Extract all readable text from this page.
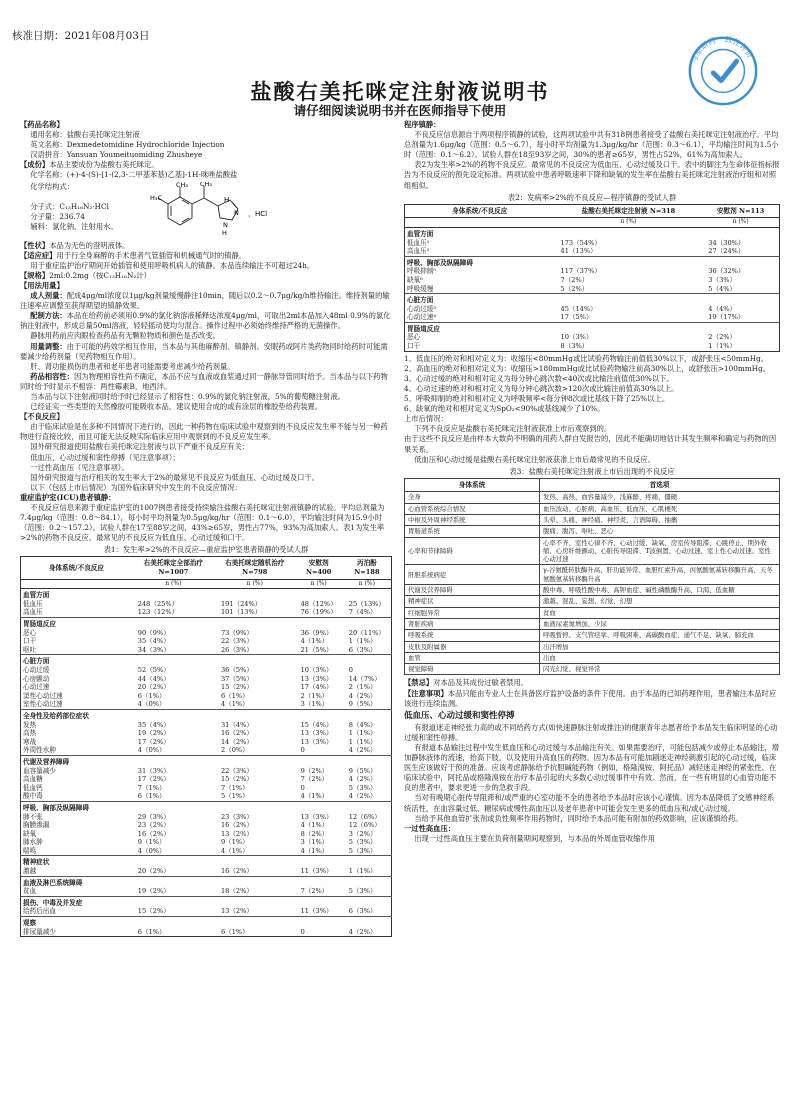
核准日期：2021年08月03日
盐酸右美托咪定注射液说明书
请仔细阅读说明书并在医师指导下使用
与原研药一致性评价

【药品名称】

通用名称：盐酸右美托咪定注射液

英文名称：Dexmedetomidine Hydrochloride Injection

汉语拼音：Yansuan Youmeituomiding Zhusheye

【成份】本品主要成份为盐酸右美托咪定。

化学名称：(+)-4-(S)-[1-(2,3-二甲基苯基)乙基]-1H-咪唑盐酸盐

化学结构式：
分子式：C₁₃H₁₆N₂·HCl
分子量：236.74
辅料：氯化钠、注射用水。
H
H₃C
CH₃ CH₃
N
N
H
，HCl

【性状】本品为无色的澄明液体。

【适应症】用于行全身麻醉的手术患者气管插管和机械通气时的镇静。

用于重症监护治疗期间开始插管和使用呼吸机病人的镇静。本品连续输注不可超过24h。

【规格】2ml:0.2mg（按C₁₃H₁₆N₂计）

【用法用量】

成人剂量：配成4μg/ml浓度以1μg/kg剂量缓慢静注10min，随后以0.2～0.7μg/kg/h维持输注。维持剂量的输注速率应调整至获得期望的镇静效果。

配制方法：本品在给药前必须用0.9%的氯化钠溶液稀释达浓度4μg/ml，可取出2ml本品加入48ml 0.9%的氯化钠注射液中，形成总量50ml溶液，轻轻摇动使均匀混合。操作过程中必须始终维持严格的无菌操作。

静脉用药前应肉眼检查药品有无颗粒物质和颜色是否改变。

用量调整：由于可能的药效学相互作用，当本品与其他麻醉剂、镇静剂、安眠药或阿片类药物同时给药时可能需要减少给药剂量（见药物相互作用）。

肝、肾功能损伤的患者和老年患者可能需要考虑减少给药剂量。

药品相容性：因为物理相容性尚不确定，本品不应与血液或血浆通过同一静脉导管同时给予。当本品与以下药物同时给予时显示不相容：两性霉素B，地西泮。

当本品与以下注射液同时给予时已经显示了相容性：0.9%的氯化钠注射液，5%的葡萄糖注射液。

已经证实一些类型的天然橡胶可能吸收本品，建议使用合成的或有涂层的橡胶垫给药装置。

【不良反应】

由于临床试验是在多种不同情况下进行的，因此一种药物在临床试验中观察到的不良反应发生率不能与另一种药物进行直接比较，而且可能无法反映实际临床应用中观察到的不良反应发生率。

国外研究报道使用盐酸右美托咪定注射液与以下严重不良反应有关：

低血压、心动过缓和窦性停搏（见注意事项）；

一过性高血压（见注意事项）。

国外研究报道与治疗相关的发生率大于2%的最常见不良反应为低血压、心动过缓及口干。

以下（包括上市后情况）为国外临床研究中发生的不良反应情况：

重症监护室(ICU)患者镇静：

不良反应信息来源于重症监护室的1007例患者接受持续输注盐酸右美托咪定注射液镇静的试验。平均总剂量为7.4μg/kg（范围：0.8～84.1），每小时平均剂量为0.5μg/kg/hr（范围：0.1～6.0），平均输注时间为15.9小时（范围：0.2～157.2）。试验人群在17至88岁之间，43%≥65岁，男性占77%，93%为高加索人。表1为发生率>2%的药物不良反应。最常见的不良反应为低血压、心动过缓和口干。

表1：发生率>2%的不良反应—重症监护室患者镇静的受试人群

身体系统/不良反应	右美托咪定全部治疗 N=1007	右美托咪定随机治疗 N=798	安慰剂 N=400	丙泊酚 N=188
	n (%)	n (%)	n (%)	n (%)
血管方面				
低血压	248（25%）	191（24%）	48（12%）	25（13%）
高血压	123（12%）	101（13%）	76（19%）	7（4%）
胃肠道反应				
恶心	90（9%）	73（9%）	36（9%）	20（11%）
口干	35（4%）	22（3%）	4（1%）	1（1%）
呕吐	34（3%）	26（3%）	21（5%）	6（3%）
心脏方面				
心动过缓	52（5%）	36（5%）	10（3%）	0
心房颤动	44（4%）	37（5%）	13（3%）	14（7%）
心动过速	20（2%）	15（2%）	17（4%）	2（1%）
窦性心动过速	6（1%）	6（1%）	2（1%）	4（2%）
室性心动过速	4（0%）	4（1%）	3（1%）	9（5%）
全身性及给药部位症状				
发热	35（4%）	31（4%）	15（4%）	8（4%）
高热	19（2%）	16（2%）	13（3%）	1（1%）
寒战	17（2%）	14（2%）	13（3%）	1（1%）
外周性水肿	4（0%）	2（0%）	0	4（2%）
代谢及营养障碍				
血容量减少	31（3%）	22（3%）	9（2%）	9（5%）
高血糖	17（2%）	15（2%）	7（2%）	4（2%）
低血钙	7（1%）	7（1%）	0	5（3%）
酸中毒	6（1%）	5（1%）	4（1%）	4（2%）
呼吸、胸部及纵隔障碍				
肺不张	29（3%）	23（3%）	13（3%）	12（6%）
胸膜渗漏	23（2%）	16（2%）	4（1%）	12（6%）
缺氧	16（2%）	13（2%）	8（2%）	3（2%）
肺水肿	9（1%）	9（1%）	3（1%）	5（3%）
喘鸣	4（0%）	4（1%）	4（1%）	5（3%）
精神症状				
激越	20（2%）	16（2%）	11（3%）	1（1%）
血液及淋巴系统障碍				
贫血	19（2%）	18（2%）	7（2%）	5（3%）
损伤、中毒及并发症				
给药后出血	15（2%）	13（2%）	11（3%）	6（3%）
观察				
排尿量减少	6（1%）	6（1%）	0	4（2%）

程序镇静：

不良反应信息源自于两项程序镇静的试验，这两项试验中共有318例患者接受了盐酸右美托咪定注射液治疗。平均总剂量为1.6μg/kg（范围：0.5～6.7），每小时平均剂量为1.3μg/kg/hr（范围：0.3～6.1），平均输注时间为1.5小时（范围：0.1～6.2）。试验人群在18至93岁之间，30%的患者≥65岁，男性占52%，61%为高加索人。

表2为发生率>2%的药物不良反应。最常见的不良反应为低血压、心动过缓及口干。表中的脚注为生命体征指标报告为不良反应的预先设定标准。两项试验中患者呼吸速率下降和缺氧的发生率在盐酸右美托咪定注射液治疗组和对照组相似。

表2：发病率>2%的不良反应—程序镇静的受试人群

身体系统/不良反应	盐酸右美托咪定注射液 N=318	安慰剂 N=113
	n (%)	n (%)
血管方面		
低血压¹	173（54%）	34（30%）
高血压²	41（13%）	27（24%）
呼吸、胸部及纵隔障碍		
呼吸抑制⁵	117（37%）	36（32%）
缺氧⁶	7（2%）	3（3%）
呼吸缓慢	5（2%）	5（4%）
心脏方面		
心动过缓³	45（14%）	4（4%）
心动过速⁴	17（5%）	19（17%）
胃肠道反应		
恶心	10（3%）	2（2%）
口干	8（3%）	1（1%）

1、低血压的绝对和相对定义为：收缩压<80mmHg或比试验药物输注前值低30%以下，或舒张压<50mmHg。

2、高血压的绝对和相对定义为：收缩压>180mmHg或比试验药物输注前高30%以上，或舒张压>100mmHg。

3、心动过缓的绝对和相对定义为每分钟心跳次数<40次或比输注前值低30%以下。

4、心动过速的绝对和相对定义为每分钟心跳次数>120次或比输注前值高30%以上。

5、呼吸抑制的绝对和相对定义为呼吸频率<每分钟8次或比基线下降了25%以上。

6、缺氧的绝对和相对定义为SpO₂<90%或基线减少了10%。

上市后情况：

下列不良反应是盐酸右美托咪定注射液获准上市后观察到的。

由于这些不良反应是由样本大数尚不明确的用药人群自发报告的，因此不能确切地估计其发生频率和确定与药物的因果关系。

低血压和心动过缓是盐酸右美托咪定注射液获准上市后最常见的不良反应。

表3：盐酸右美托咪定注射液上市后出现的不良反应

身体系统	首选项
全身	发热、高热、血容量减少、浅麻醉、疼痛、僵硬
心血管系统综合情况	血压波动、心脏病、高血压、低血压、心肌梗死
中枢及外周神经系统	头晕、头痛、神经痛、神经炎、言语障碍、抽搐
胃肠道系统	腹痛、腹泻、呕吐、恶心
心率和节律障碍	心率不齐、室性心律不齐、心动过缓、缺氧、房室传导阻滞、心跳停止、期外收缩、心房纤维颤动、心脏传导阻滞、T波倒置、心动过速、室上性心动过速、室性心动过速
肝胆系统病症	γ-谷氨酰转肽酶升高、肝功能异常、血胆红素升高、丙氨酸氨基转移酶升高、天冬氨酸氨基转移酶升高
代谢及营养障碍	酸中毒、呼吸性酸中毒、高钾血症、碱性磷酸酶升高、口渴、低血糖
精神症状	激越、混乱、妄想、幻觉、幻想
红细胞异常	贫血
肾脏疾病	血液尿素氮增加、少尿
呼吸系统	呼吸暂停、支气管痉挛、呼吸困难、高碳酸血症、通气不足、缺氧、肺充血
皮肤及附属器	出汗增加
血管	出血
视觉障碍	闪光幻觉、视觉异常

【禁忌】对本品及其成份过敏者禁用。

【注意事项】本品只能由专业人士在具备医疗监护设备的条件下使用。由于本品的已知药理作用，患者输注本品时应该进行连续监测。

低血压、心动过缓和窦性停搏

有报道迷走神经张力高的或不同给药方式(如快速静脉注射或推注)的健康青年志愿者给予本品发生临床明显的心动过缓和窦性停搏。

有报道本品输注过程中发生低血压和心动过缓与本品输注有关。如果需要治疗，可能包括减少或停止本品输注，增加静脉液体的流速，抬高下肢，以及使用升高血压的药物。因为本品有可能加剧迷走神经刺激引起的心动过缓，临床医生应该做好干预的准备。应该考虑静脉给予抗胆碱能药物（例如，格隆溴铵、阿托品）减轻迷走神经的紧张性。在临床试验中，阿托品或格隆溴铵在治疗本品引起的大多数心动过缓事件中有效。然而，在一些有明显的心血管功能不良的患者中，要求更进一步的急救手段。

当对有晚期心脏传导阻滞和/或严重的心室功能不全的患者给予本品时应该小心谨慎。因为本品降低了交感神经系统活性，在血容量过低、糖尿病或慢性高血压以及老年患者中可能会发生更多的低血压和/或心动过缓。

当给予其他血管扩张剂或负性频率作用药物时，同时给予本品可能有附加的药效影响，应该谨慎给药。

一过性高血压：

出现一过性高血压主要在负荷剂量期间观察到，与本品的外周血管收缩作用
